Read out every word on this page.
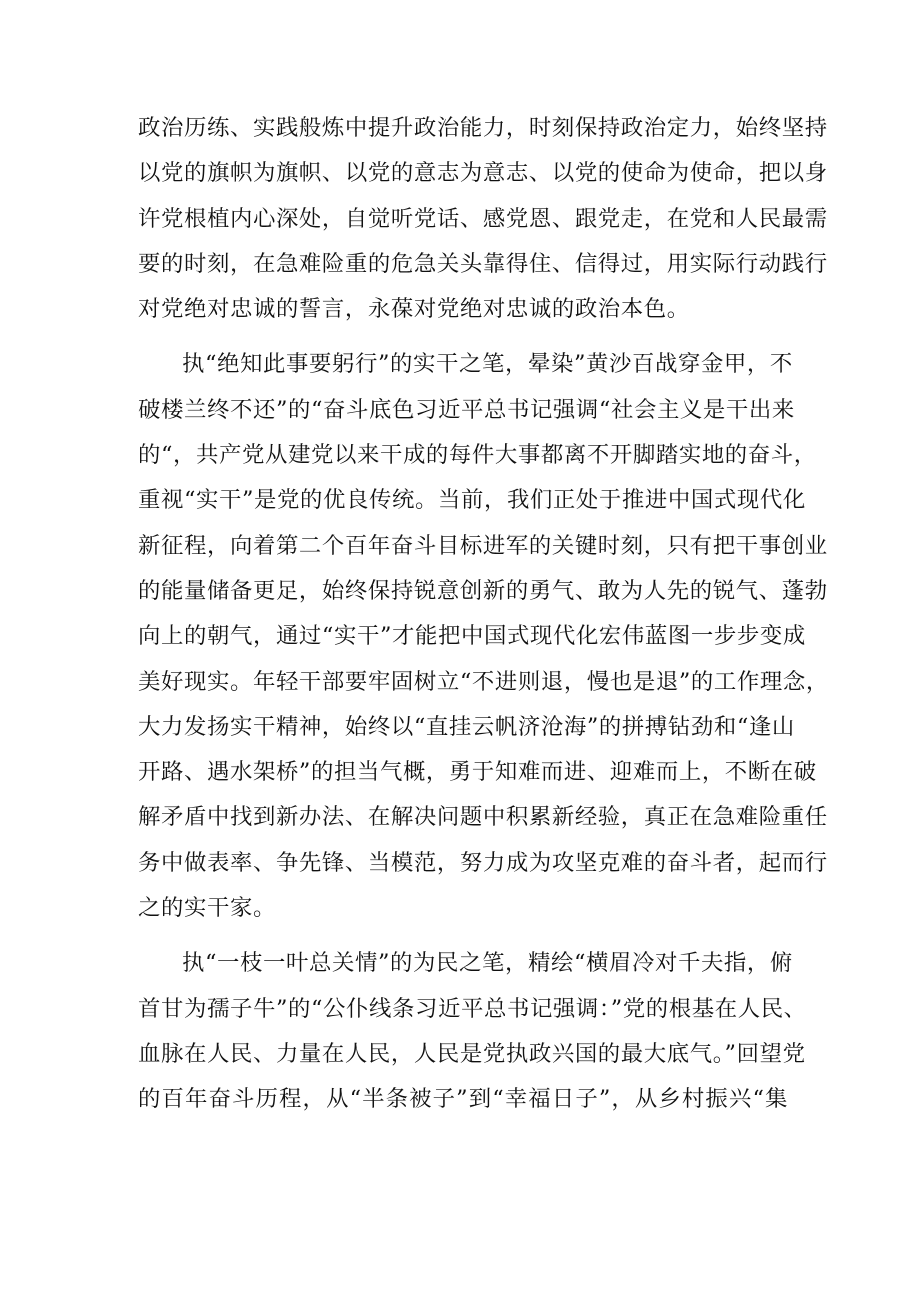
政治历练、实践般炼中提升政治能力，时刻保持政治定力，始终坚持
以党的旗帜为旗帜、以党的意志为意志、以党的使命为使命，把以身
许党根植内心深处，自觉听党话、感党恩、跟党走，在党和人民最需
要的时刻，在急难险重的危急关头靠得住、信得过，用实际行动践行
对党绝对忠诚的誓言，永葆对党绝对忠诚的政治本色。
执“绝知此事要躬行”的实干之笔，晕染”黄沙百战穿金甲，不
破楼兰终不还”的“奋斗底色习近平总书记强调“社会主义是干出来
的“，共产党从建党以来干成的每件大事都离不开脚踏实地的奋斗，
重视“实干”是党的优良传统。当前，我们正处于推进中国式现代化
新征程，向着第二个百年奋斗目标进军的关键时刻，只有把干事创业
的能量储备更足，始终保持锐意创新的勇气、敢为人先的锐气、蓬勃
向上的朝气，通过“实干”才能把中国式现代化宏伟蓝图一步步变成
美好现实。年轻干部要牢固树立“不进则退，慢也是退”的工作理念，
大力发扬实干精神，始终以“直挂云帆济沧海”的拼搏钻劲和“逢山
开路、遇水架桥”的担当气概，勇于知难而进、迎难而上，不断在破
解矛盾中找到新办法、在解决问题中积累新经验，真正在急难险重任
务中做表率、争先锋、当模范，努力成为攻坚克难的奋斗者，起而行
之的实干家。
执“一枝一叶总关情”的为民之笔，精绘“横眉冷对千夫指，俯
首甘为孺子牛”的“公仆线条习近平总书记强调：”党的根基在人民、
血脉在人民、力量在人民，人民是党执政兴国的最大底气。”回望党
的百年奋斗历程，从“半条被子”到“幸福日子”，从乡村振兴“集
